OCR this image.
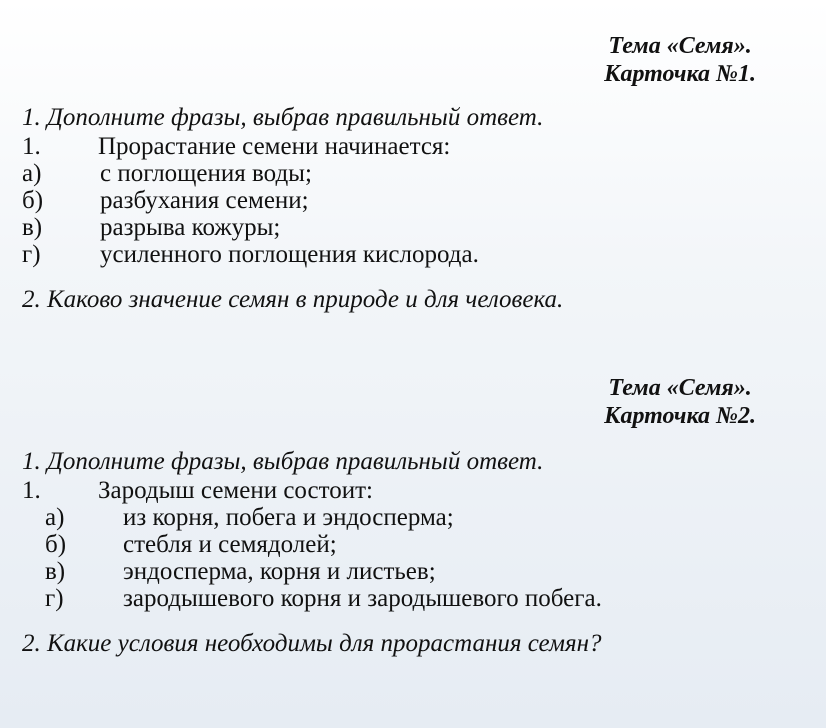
Тема «Семя».
Карточка №1.
1. Дополните фразы, выбрав правильный ответ.
1. Прорастание семени начинается:
а) с поглощения воды;
б) разбухания семени;
в) разрыва кожуры;
г) усиленного поглощения кислорода.
2. Каково значение семян в природе и для человека.
Тема «Семя».
Карточка №2.
1. Дополните фразы, выбрав правильный ответ.
1. Зародыш семени состоит:
а) из корня, побега и эндосперма;
б) стебля и семядолей;
в) эндосперма, корня и листьев;
г) зародышевого корня и зародышевого побега.
2. Какие условия необходимы для прорастания семян?
